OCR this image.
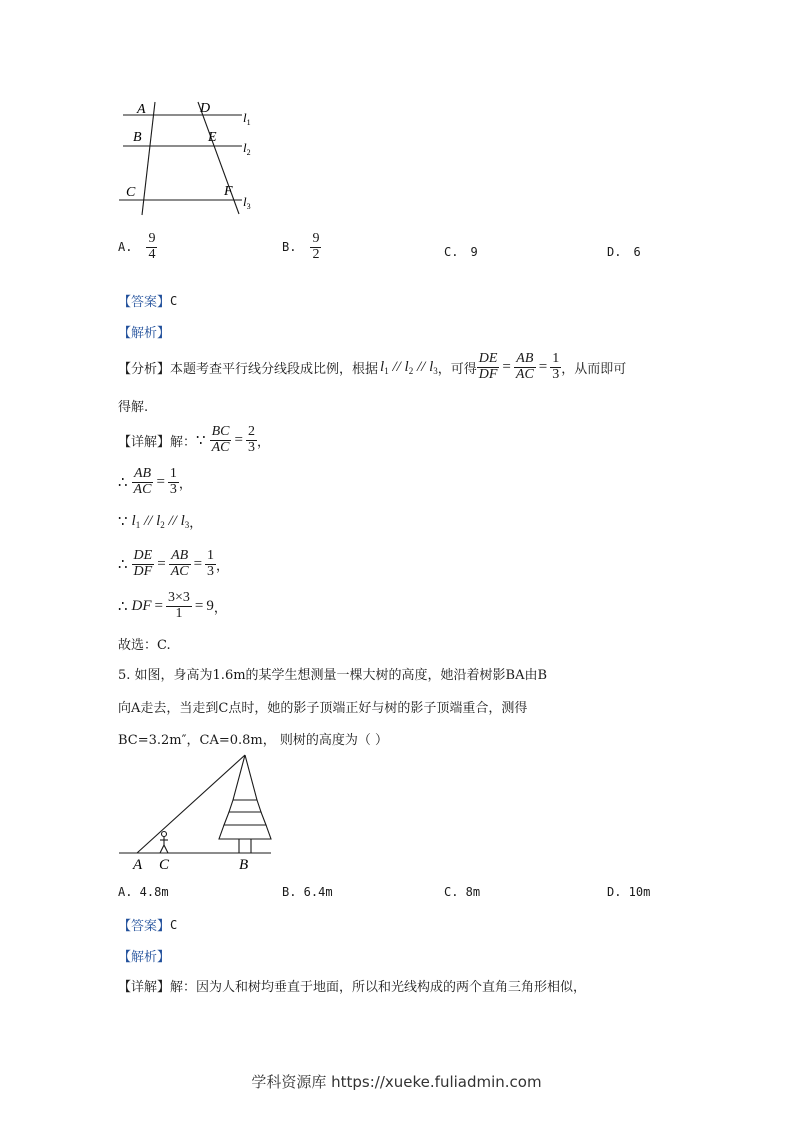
A
B
C
D
E
F
$l_1$
$l_2$
$l_3$
A. $\frac{9}{4}$	B. $\frac{9}{2}$	C. 9	D. 6
【答案】 C
【解析】
【分析】 本题考查平行线分线段成比例，根据 $l_1 // l_2 // l_3$ ，可得 $\frac{DE}{DF} = \frac{AB}{AC} = \frac{1}{3}$ ，从而即可
得解.
【详解】 解： ∵ $\frac{BC}{AC} = \frac{2}{3}$ ，
∴ $\frac{AB}{AC} = \frac{1}{3}$ ，
∵ $l_1 // l_2 // l_3$ ，
∴ $\frac{DE}{DF} = \frac{AB}{AC} = \frac{1}{3}$ ，
∴ DF = $\frac{3\times 3}{1} = 9$ ，
故选：C.
5. 如图，身高为1.6m的某学生想测量一棵大树的高度，她沿着树影BA由B
向A走去，当走到C点时，她的影子顶端正好与树的影子顶端重合，测得
BC=3.2m″，CA=0.8m， 则树的高度为（ ）
A C	B
A. 4.8m	B. 6.4m	C. 8m	D. 10m
【答案】 C
【解析】
【详解】 解：因为人和树均垂直于地面，所以和光线构成的两个直角三角形相似，
学科资源库 https://xueke.fuliadmin.com
